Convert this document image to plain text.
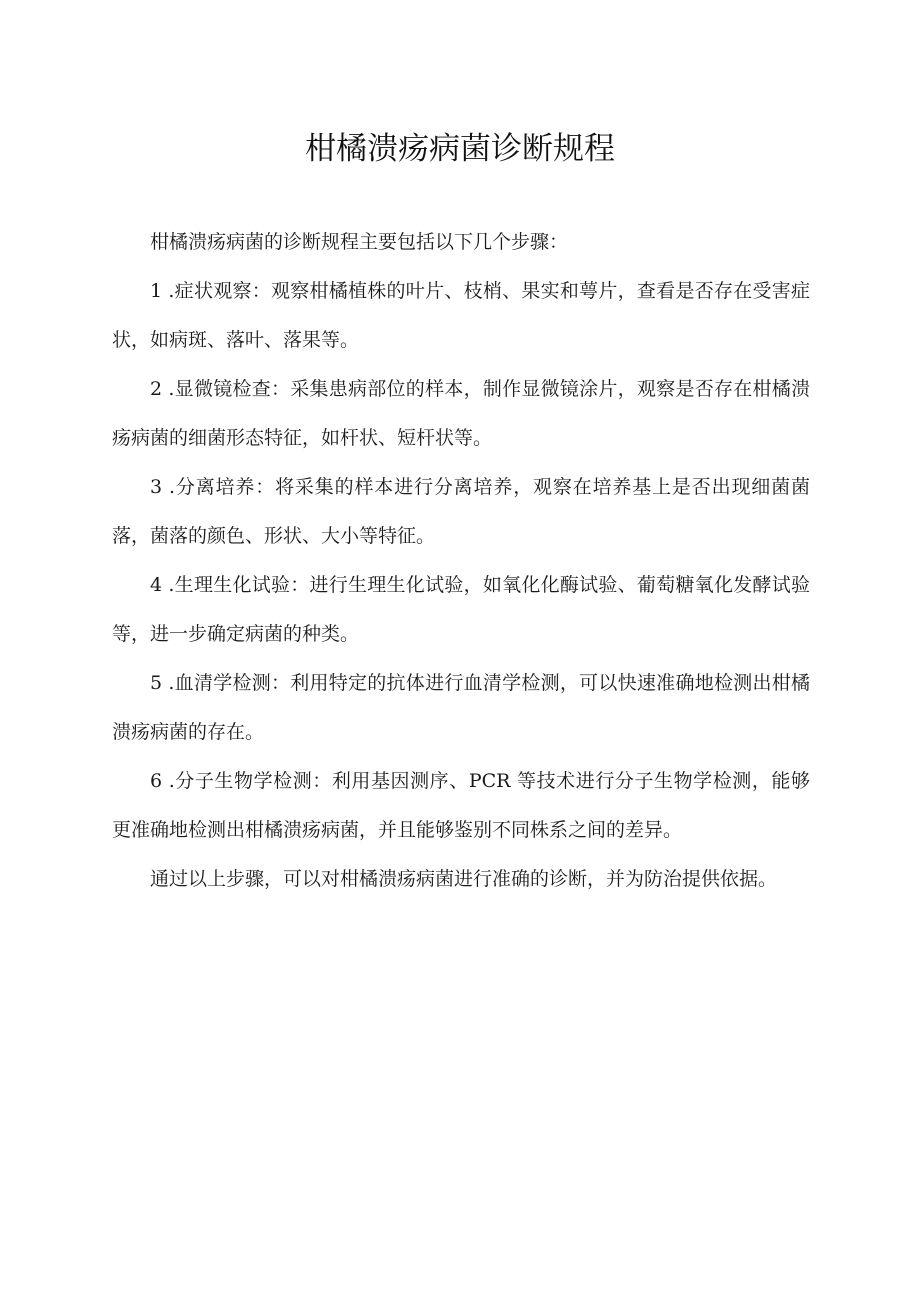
柑橘溃疡病菌诊断规程

柑橘溃疡病菌的诊断规程主要包括以下几个步骤：

1 .症状观察：观察柑橘植株的叶片、枝梢、果实和萼片，查看是否存在受害症状，如病斑、落叶、落果等。

2 .显微镜检查：采集患病部位的样本，制作显微镜涂片，观察是否存在柑橘溃疡病菌的细菌形态特征，如杆状、短杆状等。

3 .分离培养：将采集的样本进行分离培养，观察在培养基上是否出现细菌菌落，菌落的颜色、形状、大小等特征。

4 .生理生化试验：进行生理生化试验，如氧化化酶试验、葡萄糖氧化发酵试验等，进一步确定病菌的种类。

5 .血清学检测：利用特定的抗体进行血清学检测，可以快速准确地检测出柑橘溃疡病菌的存在。

6 .分子生物学检测：利用基因测序、PCR 等技术进行分子生物学检测，能够更准确地检测出柑橘溃疡病菌，并且能够鉴别不同株系之间的差异。

通过以上步骤，可以对柑橘溃疡病菌进行准确的诊断，并为防治提供依据。
